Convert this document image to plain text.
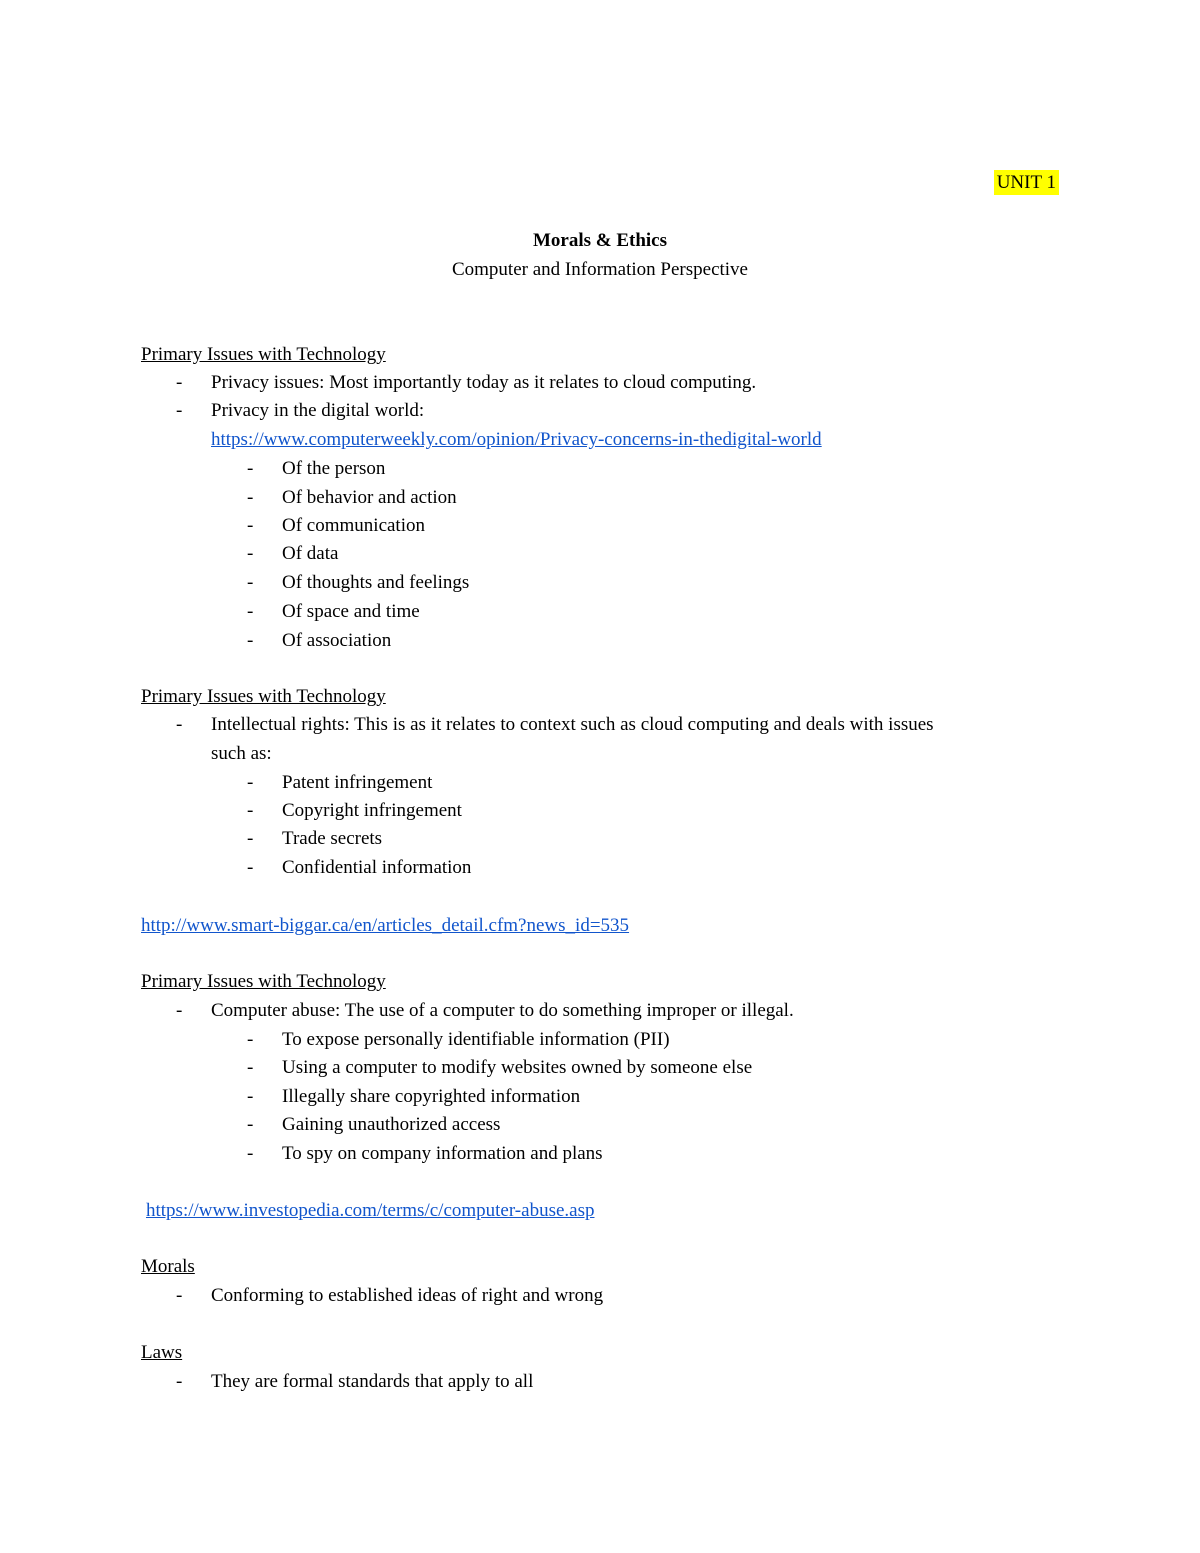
UNIT 1
Morals & Ethics
Computer and Information Perspective
Primary Issues with Technology
- Privacy issues: Most importantly today as it relates to cloud computing.
- Privacy in the digital world:
https://www.computerweekly.com/opinion/Privacy-concerns-in-thedigital-world
- Of the person
- Of behavior and action
- Of communication
- Of data
- Of thoughts and feelings
- Of space and time
- Of association
Primary Issues with Technology
- Intellectual rights: This is as it relates to context such as cloud computing and deals with issues
such as:
- Patent infringement
- Copyright infringement
- Trade secrets
- Confidential information
http://www.smart-biggar.ca/en/articles_detail.cfm?news_id=535
Primary Issues with Technology
- Computer abuse: The use of a computer to do something improper or illegal.
- To expose personally identifiable information (PII)
- Using a computer to modify websites owned by someone else
- Illegally share copyrighted information
- Gaining unauthorized access
- To spy on company information and plans
https://www.investopedia.com/terms/c/computer-abuse.asp
Morals
- Conforming to established ideas of right and wrong
Laws
- They are formal standards that apply to all
